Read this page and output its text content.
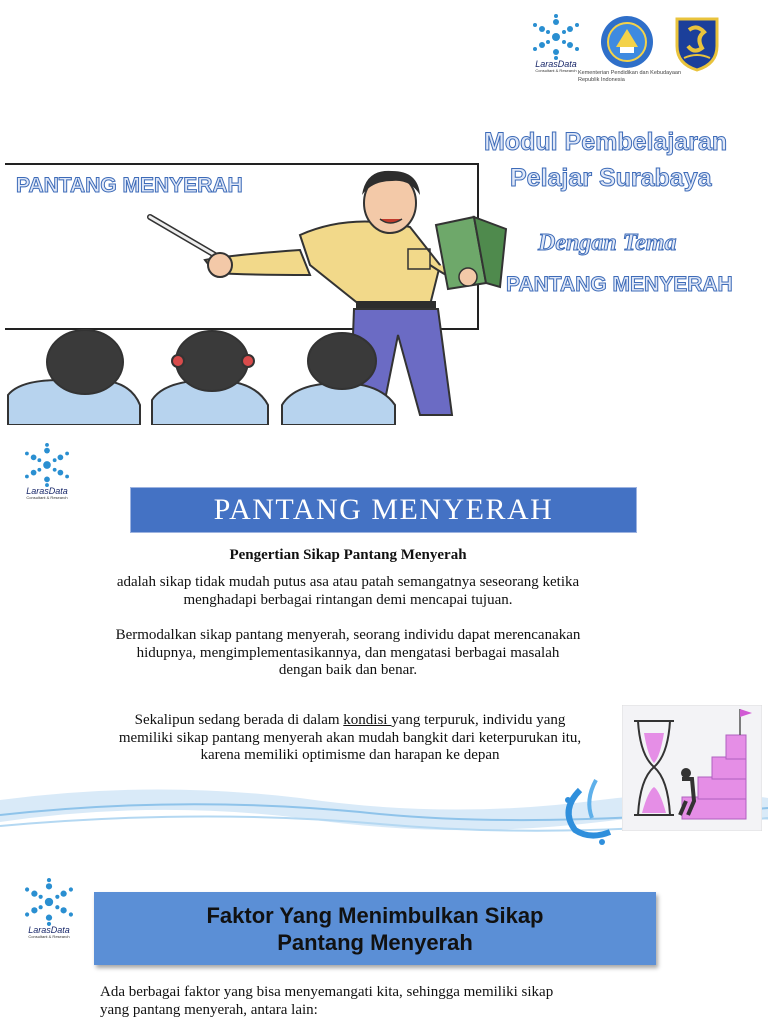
LarasData
Consultant & Research Kementerian Pendidikan dan Kebudayaan Republik Indonesia
PANTANG MENYERAH
Modul Pembelajaran
Pelajar Surabaya
Dengan Tema
PANTANG MENYERAH
LarasData
Consultant & Research	PANTANG MENYERAH
Pengertian Sikap Pantang Menyerah
adalah sikap tidak mudah putus asa atau patah semangatnya seseorang ketika
menghadapi berbagai rintangan demi mencapai tujuan.
Bermodalkan sikap pantang menyerah, seorang individu dapat merencanakan
hidupnya, mengimplementasikannya, dan mengatasi berbagai masalah
dengan baik dan benar.
Sekalipun sedang berada di dalam kondisi yang terpuruk, individu yang
memiliki sikap pantang menyerah akan mudah bangkit dari keterpurukan itu,
karena memiliki optimisme dan harapan ke depan
LarasData
Consultant & Research
Faktor Yang Menimbulkan Sikap
Pantang Menyerah
Ada berbagai faktor yang bisa menyemangati kita, sehingga memiliki sikap
yang pantang menyerah, antara lain:
